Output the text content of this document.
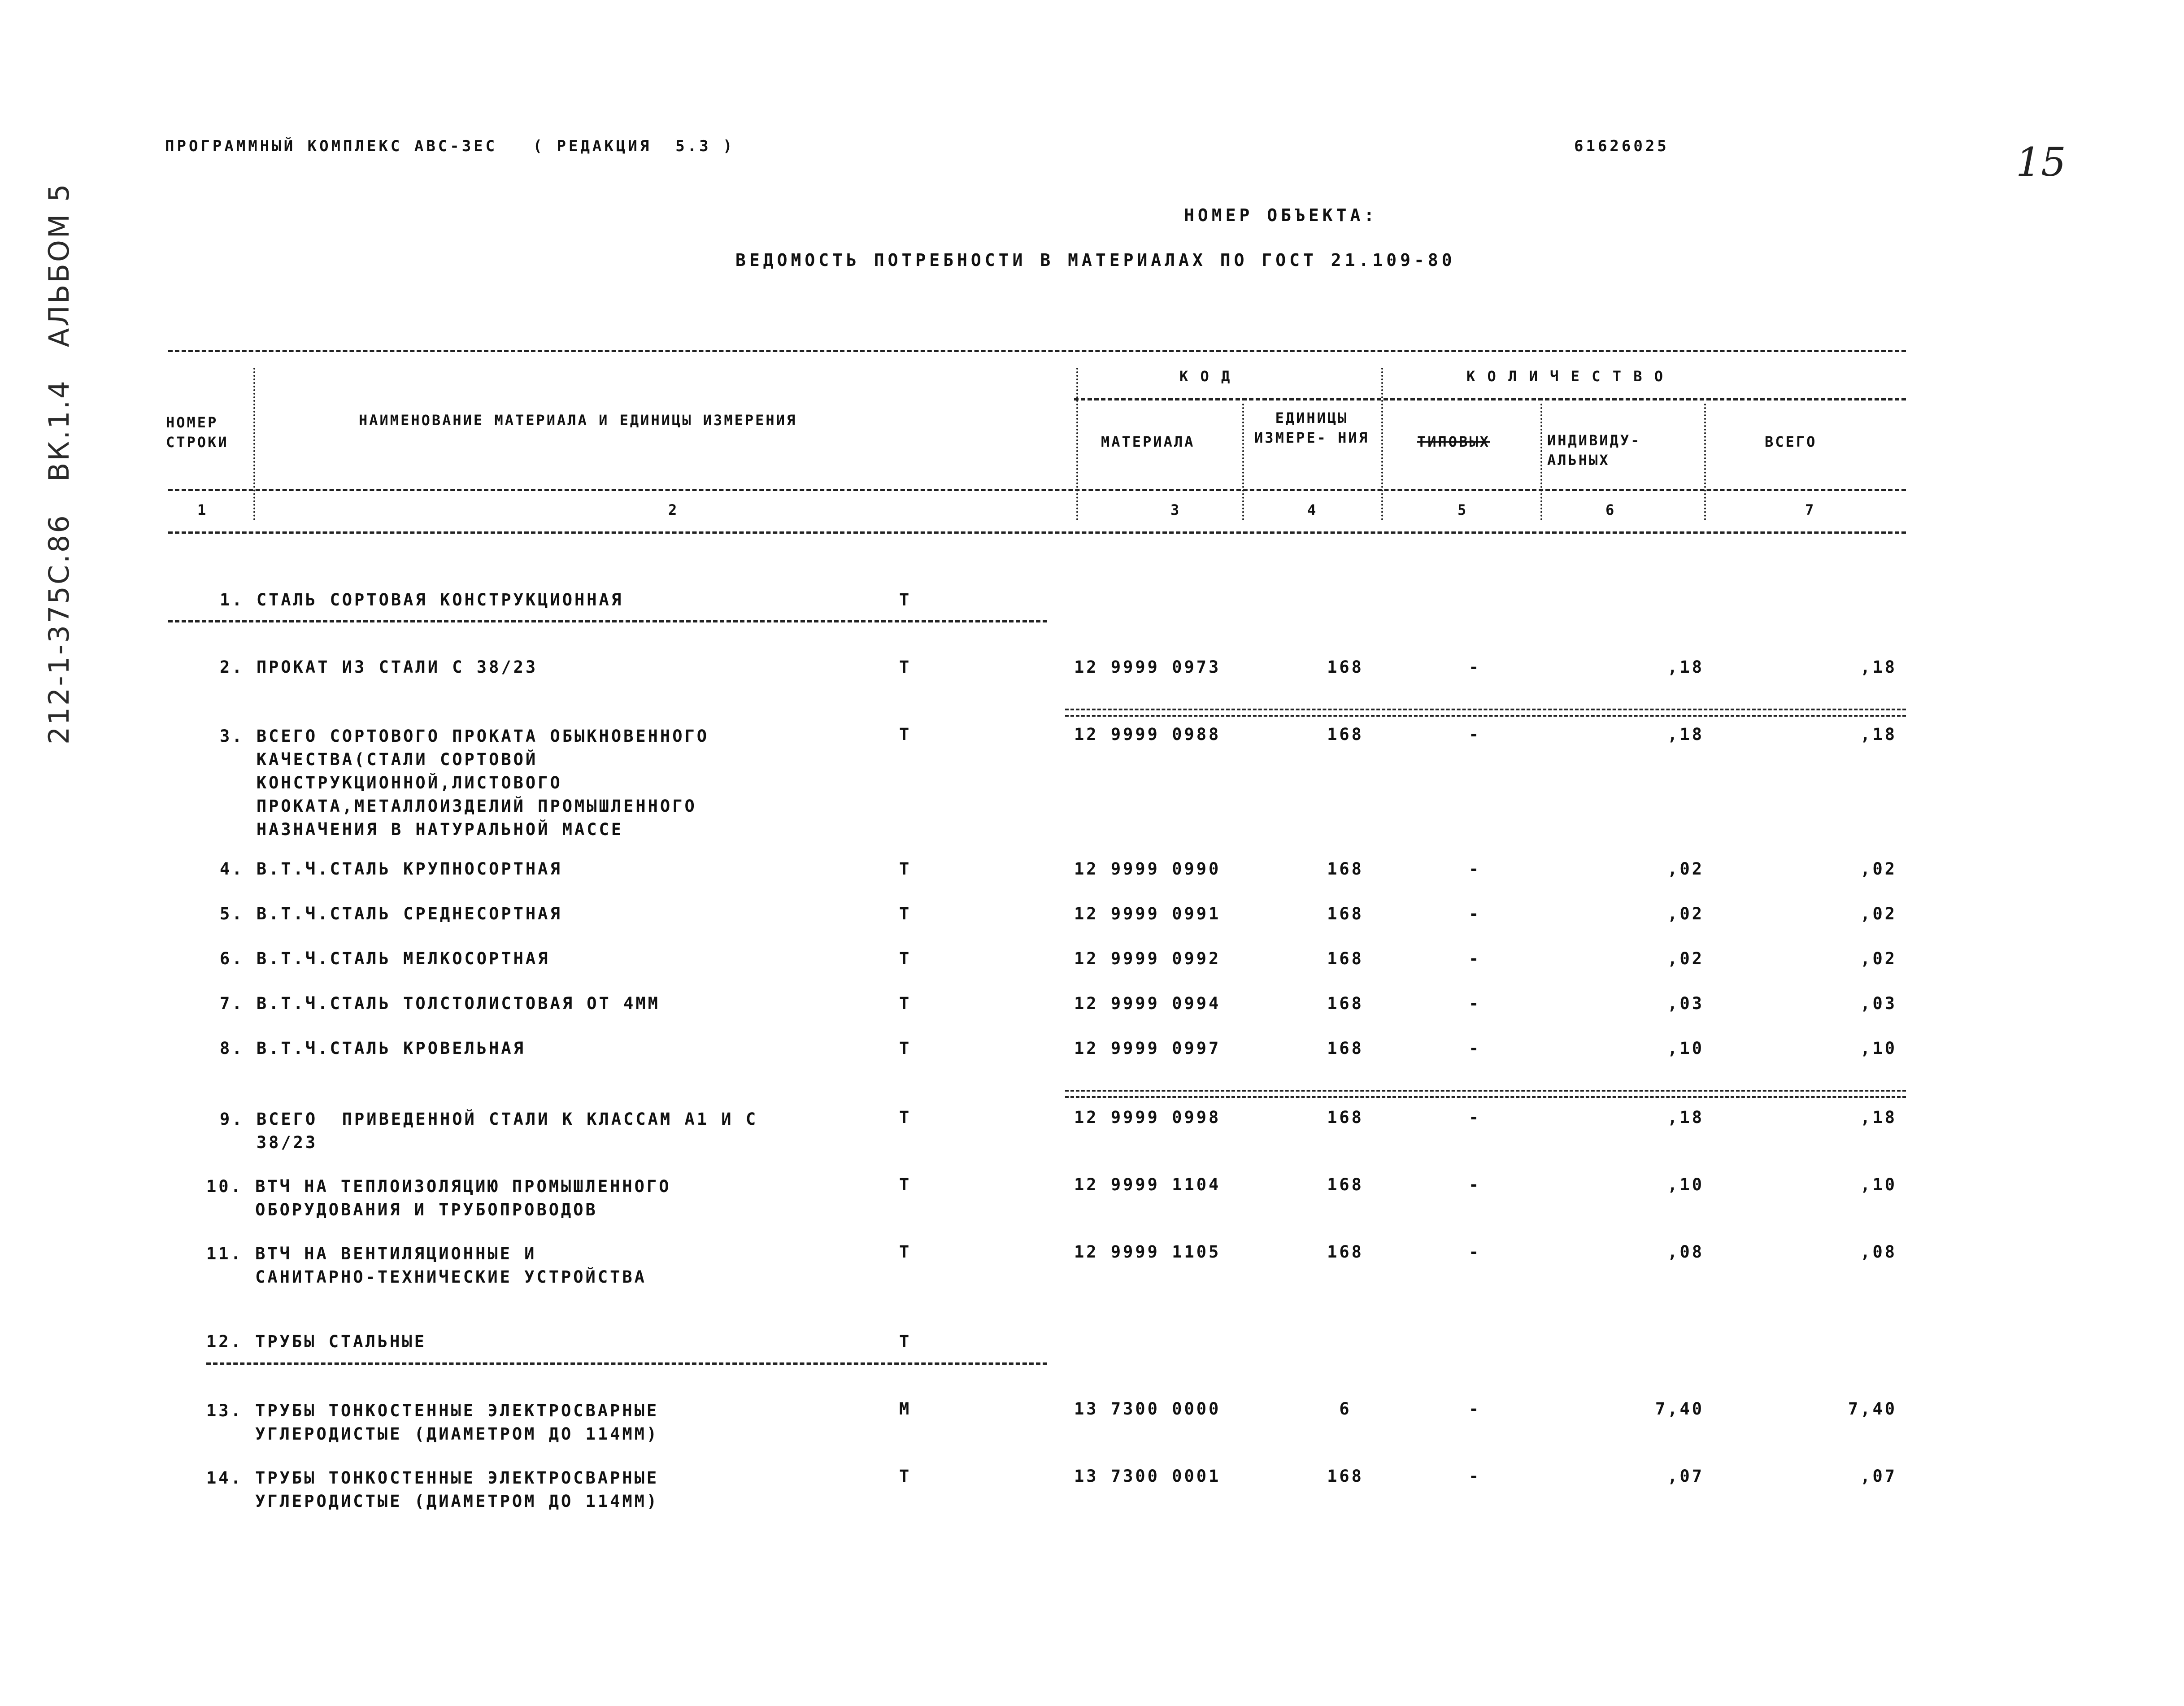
ПРОГРАММНЫЙ КОМПЛЕКС АВС-ЗЕС   ( РЕДАКЦИЯ  5.3 )	61626025	15
212-1-375С.86   ВК.1.4   АЛЬБОМ 5	НОМЕР ОБЪЕКТА:
ВЕДОМОСТЬ ПОТРЕБНОСТИ В МАТЕРИАЛАХ ПО ГОСТ 21.109-80
НОМЕР СТРОКИ
НАИМЕНОВАНИЕ МАТЕРИАЛА И ЕДИНИЦЫ ИЗМЕРЕНИЯ
К О Д	К О Л И Ч Е С Т В О
МАТЕРИАЛА
ЕДИНИЦЫ ИЗМЕРЕ- НИЯ	ТИПОВЫХ	ИНДИВИДУ- АЛЬНЫХ
ВСЕГО
1	2	3	4	5	6	7
1. СТАЛЬ СОРТОВАЯ КОНСТРУКЦИОННАЯ	Т
2. ПРОКАТ ИЗ СТАЛИ С 38/23	Т	12 9999 0973	168	-	,18	,18
3. ВСЕГО СОРТОВОГО ПРОКАТА ОБЫКНОВЕННОГО
КАЧЕСТВА(СТАЛИ СОРТОВОЙ
КОНСТРУКЦИОННОЙ,ЛИСТОВОГО
ПРОКАТА,МЕТАЛЛОИЗДЕЛИЙ ПРОМЫШЛЕННОГО
НАЗНАЧЕНИЯ В НАТУРАЛЬНОЙ МАССЕ
Т	12 9999 0988	168	-	,18	,18
4. В.Т.Ч.СТАЛЬ КРУПНОСОРТНАЯ	Т	12 9999 0990	168	-	,02	,02
5. В.Т.Ч.СТАЛЬ СРЕДНЕСОРТНАЯ	Т	12 9999 0991	168	-	,02	,02
6. В.Т.Ч.СТАЛЬ МЕЛКОСОРТНАЯ	Т	12 9999 0992	168	-	,02	,02
7. В.Т.Ч.СТАЛЬ ТОЛСТОЛИСТОВАЯ ОТ 4ММ	Т	12 9999 0994	168	-	,03	,03
8. В.Т.Ч.СТАЛЬ КРОВЕЛЬНАЯ	Т	12 9999 0997	168	-	,10	,10
9. ВСЕГО  ПРИВЕДЕННОЙ СТАЛИ К КЛАССАМ А1 И С
38/23
Т	12 9999 0998	168	-	,18	,18
10. ВТЧ НА ТЕПЛОИЗОЛЯЦИЮ ПРОМЫШЛЕННОГО
ОБОРУДОВАНИЯ И ТРУБОПРОВОДОВ
Т	12 9999 1104	168	-	,10	,10
11. ВТЧ НА ВЕНТИЛЯЦИОННЫЕ И
САНИТАРНО-ТЕХНИЧЕСКИЕ УСТРОЙСТВА
Т	12 9999 1105	168	-	,08	,08
12. ТРУБЫ СТАЛЬНЫЕ	Т
13. ТРУБЫ ТОНКОСТЕННЫЕ ЭЛЕКТРОСВАРНЫЕ
УГЛЕРОДИСТЫЕ (ДИАМЕТРОМ ДО 114ММ)
М	13 7300 0000	6	-	7,40	7,40
14. ТРУБЫ ТОНКОСТЕННЫЕ ЭЛЕКТРОСВАРНЫЕ
УГЛЕРОДИСТЫЕ (ДИАМЕТРОМ ДО 114ММ)
Т	13 7300 0001	168	-	,07	,07
